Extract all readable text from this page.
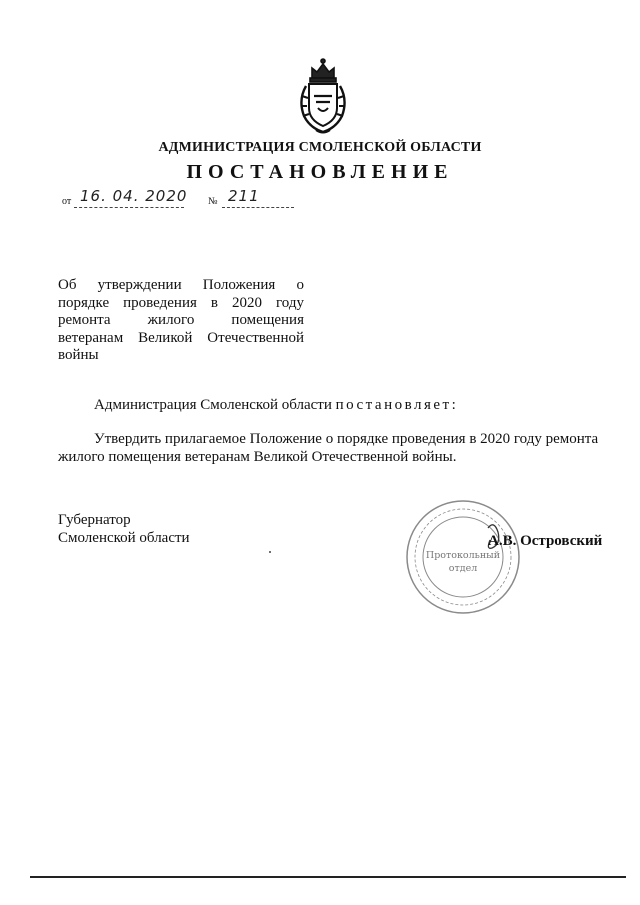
АДМИНИСТРАЦИЯ СМОЛЕНСКОЙ ОБЛАСТИ
ПОСТАНОВЛЕНИЕ
от 16. 04. 2020 № 211
Об утверждении Положения о
порядке проведения в 2020 году
ремонта жилого помещения
ветеранам Великой Отечественной
войны
Администрация Смоленской области постановляет:
Утвердить прилагаемое Положение о порядке проведения в 2020 году ремонта жилого помещения ветеранам Великой Отечественной войны.
Губернатор
Смоленской области
Протокольный
отдел
А.В. Островский
